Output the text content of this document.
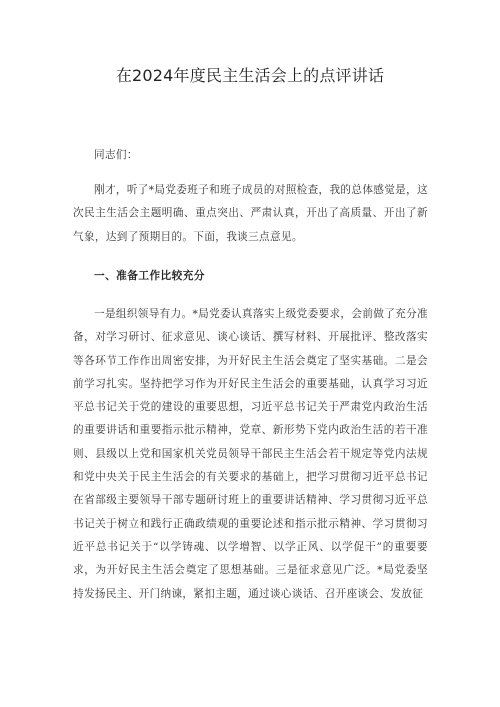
在2024年度民主生活会上的点评讲话
同志们：
刚才，听了*局党委班子和班子成员的对照检查，我的总体感觉是，这次民主生活会主题明确、重点突出、严肃认真，开出了高质量、开出了新气象，达到了预期目的。下面，我谈三点意见。
一、准备工作比较充分
一是组织领导有力。*局党委认真落实上级党委要求，会前做了充分准备，对学习研讨、征求意见、谈心谈话、撰写材料、开展批评、整改落实等各环节工作作出周密安排，为开好民主生活会奠定了坚实基础。二是会前学习扎实。坚持把学习作为开好民主生活会的重要基础，认真学习习近平总书记关于党的建设的重要思想，习近平总书记关于严肃党内政治生活的重要讲话和重要指示批示精神，党章、新形势下党内政治生活的若干准则、县级以上党和国家机关党员领导干部民主生活会若干规定等党内法规和党中央关于民主生活会的有关要求的基础上，把学习贯彻习近平总书记在省部级主要领导干部专题研讨班上的重要讲话精神、学习贯彻习近平总书记关于树立和践行正确政绩观的重要论述和指示批示精神、学习贯彻习近平总书记关于“以学铸魂、以学增智、以学正风、以学促干”的重要要求，为开好民主生活会奠定了思想基础。三是征求意见广泛。*局党委坚持发扬民主、开门纳谏，紧扣主题，通过谈心谈话、召开座谈会、发放征
